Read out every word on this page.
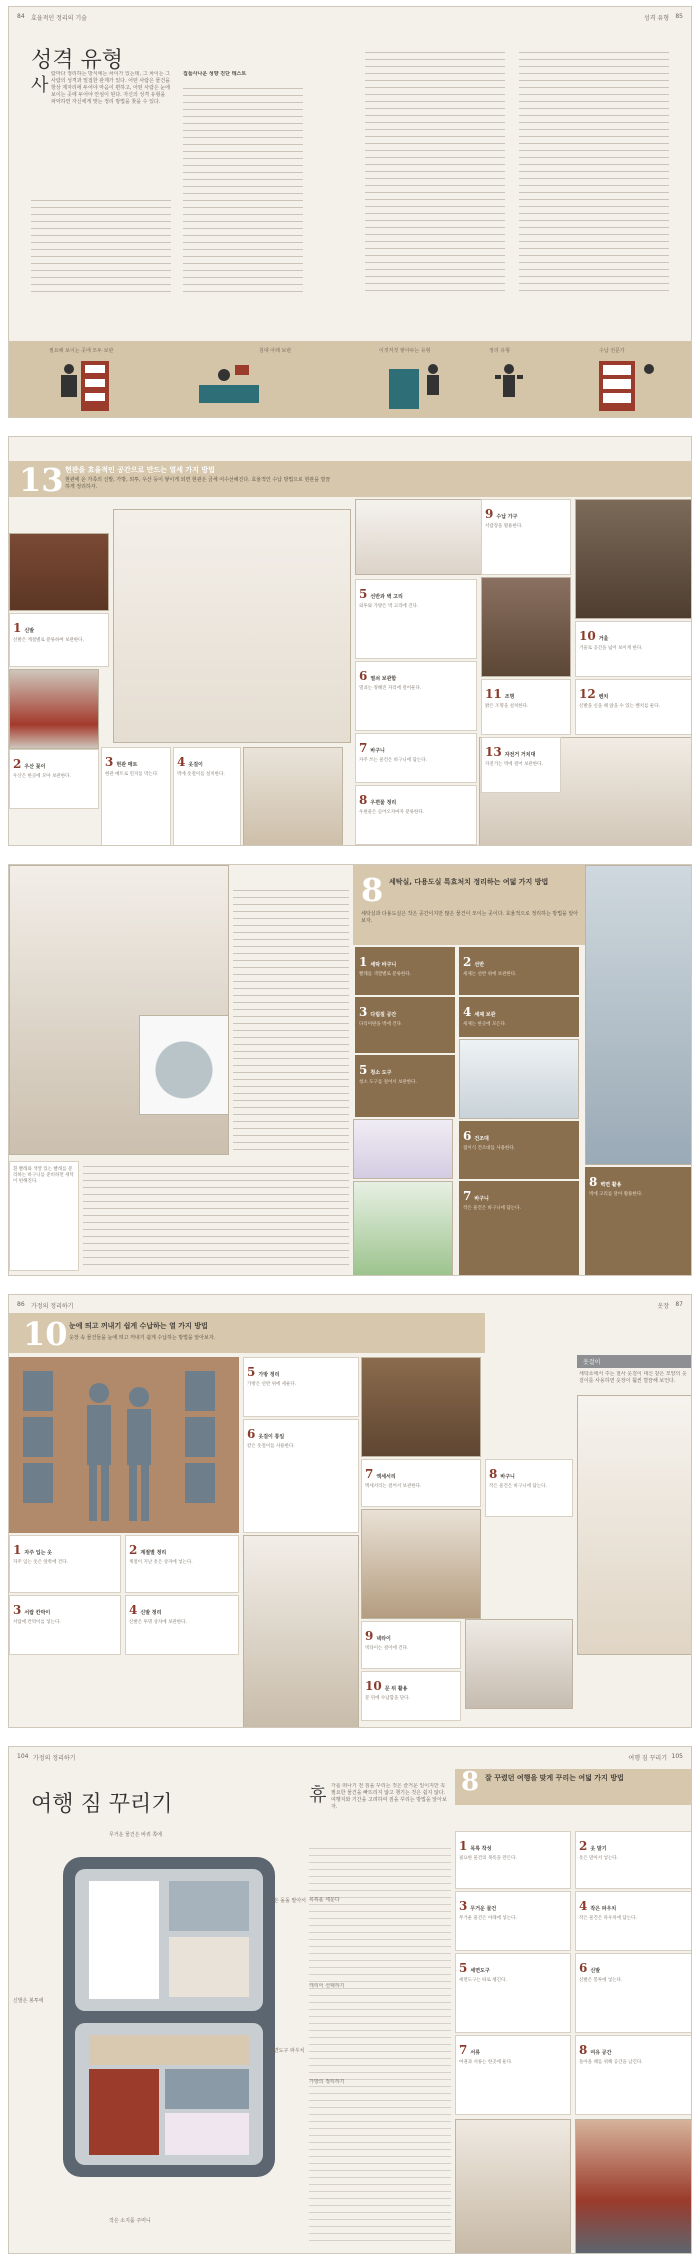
84 효율적인 정리의 기술	성격 유형 85
성격 유형
사
람마다 정리하는 방식에는 차이가 있는데, 그 차이는 그 사람의 성격과 밀접한 관계가 있다. 어떤 사람은 물건을 항상 제자리에 두어야 마음이 편하고, 어떤 사람은 눈에 보이는 곳에 두어야 안심이 된다. 자신의 성격 유형을 파악하면 자신에게 맞는 정리 방법을 찾을 수 있다.
집들사나운 성향 진단 테스트
필요해 보이는 곳에 모두 보관	침대 아래 보관	이것저것 쌓아두는 유형	정리 유형	수납 전문가
13 현관을 효율적인 공간으로 만드는 열세 가지 방법
현관에 온 가족의 신발, 가방, 외투, 우산 등이 쌓이게 되면 현관은 금세 어수선해진다. 효율적인 수납 방법으로 현관을 깔끔하게 정리하자.
1 신발
신발은 계절별로 분류하여 보관한다.
2 우산 꽂이
우산은 한곳에 모아 보관한다.
3 현관 매트
현관 매트로 먼지를 막는다.
4 옷걸이
벽에 옷걸이를 설치한다.
5 선반과 벽 고리
외투와 가방은 벽 고리에 건다.
6 열쇠 보관함
열쇠는 정해진 자리에 걸어둔다.
7 바구니
자주 쓰는 물건은 바구니에 담는다.
8 우편물 정리
우편물은 들어오자마자 분류한다.
9 수납 가구
서랍장을 활용한다.
10 거울
거울로 공간을 넓어 보이게 한다.
11 조명
밝은 조명을 설치한다.
12 벤치
신발을 신을 때 앉을 수 있는 벤치를 둔다.
13 자전거 거치대
자전거는 벽에 걸어 보관한다.
흰 빨래와 색깔 있는 빨래를 분리하는 바구니를 준비하면 세탁이 편해진다.
8 세탁실, 다용도실 특효처치 정리하는 여덟 가지 방법
세탁실과 다용도실은 작은 공간이지만 많은 물건이 모이는 곳이다. 효율적으로 정리하는 방법을 알아보자.
1 세탁 바구니
빨래를 색깔별로 분류한다.
2 선반
세제는 선반 위에 보관한다.
3 다림질 공간
다리미판을 벽에 건다.
4 세제 보관
세제는 한곳에 모은다.
5 청소 도구
청소 도구를 걸어서 보관한다.
6 건조대
접이식 건조대를 사용한다.
7 바구니
작은 물건은 바구니에 담는다.
8 벽면 활용
벽에 고리를 달아 활용한다.
86 가정의 정리하기	옷장 87
10 눈에 띄고 꺼내기 쉽게 수납하는 열 가지 방법
옷장 속 물건들을 눈에 띄고 꺼내기 쉽게 수납하는 방법을 알아보자.
1 자주 입는 옷
자주 입는 옷은 앞쪽에 건다.
2 계절별 정리
계절이 지난 옷은 상자에 넣는다.
3 서랍 칸막이
서랍에 칸막이를 넣는다.
4 신발 정리
신발은 투명 상자에 보관한다.
5 가방 정리
가방은 선반 위에 세운다.
6 옷걸이 통일
같은 옷걸이를 사용한다.
7 액세서리
액세서리는 걸어서 보관한다.
8 바구니
작은 물건은 바구니에 담는다.
9 넥타이
넥타이는 걸이에 건다.
10 문 뒤 활용
문 뒤에 수납함을 단다.
옷걸이
세탁소에서 주는 철사 옷걸이 대신 같은 모양의 옷걸이를 사용하면 옷장이 훨씬 깔끔해 보인다.
104 가정의 정리하기	여행 짐 꾸리기 105
여행 짐 꾸리기
무거운 물건은 바퀴 쪽에
옷은 돌돌 말아서
신발은 봉투에
세면도구 파우치
작은 소지품 주머니
휴 가를 떠나기 전 짐을 꾸리는 것은 즐거운 일이지만 꼭 필요한 물건을 빠뜨리지 않고 챙기는 것은 쉽지 않다. 여행지와 기간을 고려하여 짐을 꾸리는 방법을 알아보자.
8 잘 꾸렸던 여행을 맞게 꾸리는 여덟 가지 방법
1 목록 작성
필요한 물건의 목록을 만든다.
2 옷 말기
옷은 말아서 넣는다.
3 무거운 물건
무거운 물건은 아래에 넣는다.
4 작은 파우치
작은 물건은 파우치에 담는다.
5 세면도구
세면도구는 따로 챙긴다.
6 신발
신발은 봉투에 넣는다.
7 서류
여권과 서류는 한곳에 둔다.
8 여유 공간
돌아올 때를 위해 공간을 남긴다.
